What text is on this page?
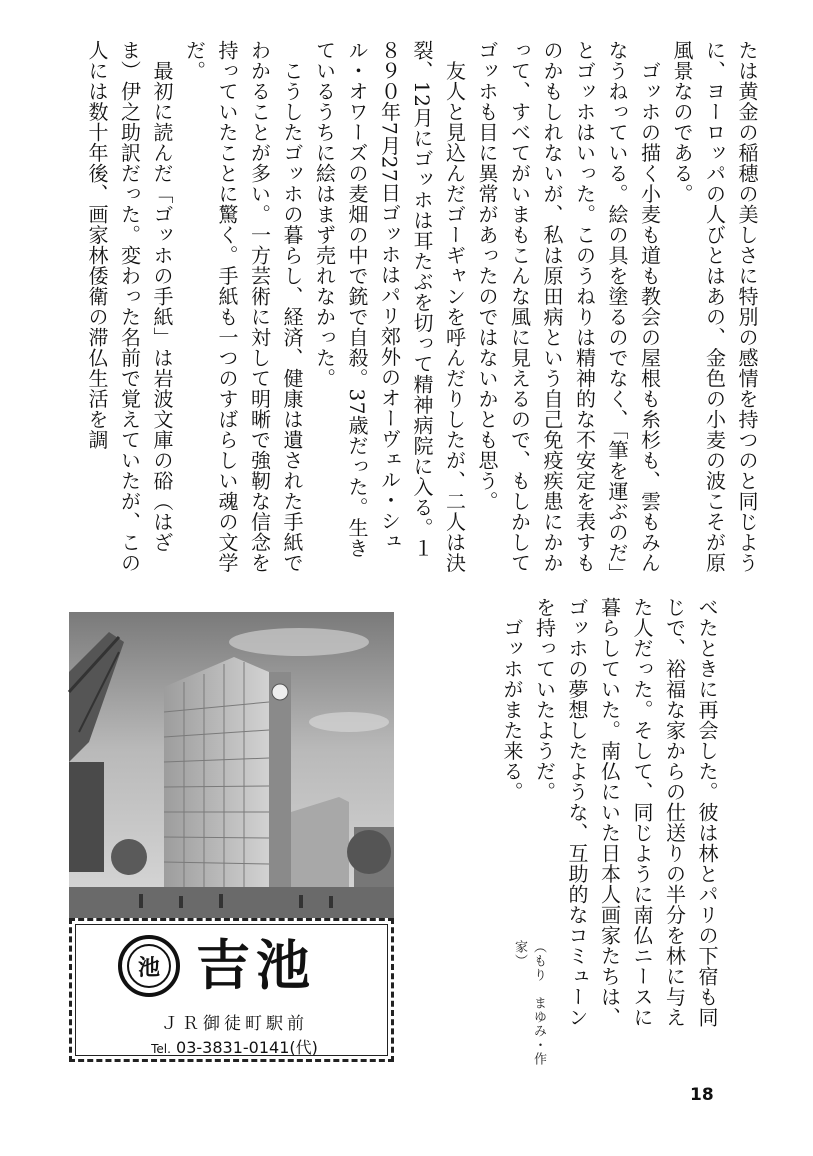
たは黄金の稲穂の美しさに特別の感情を持つのと同じように、ヨーロッパの人びとはあの、金色の小麦の波こそが原風景なのである。
　ゴッホの描く小麦も道も教会の屋根も糸杉も、雲もみんなうねっている。絵の具を塗るのでなく、「筆を運ぶのだ」とゴッホはいった。このうねりは精神的な不安定を表すものかもしれないが、私は原田病という自己免疫疾患にかかって、すべてがいまもこんな風に見えるので、もしかしてゴッホも目に異常があったのではないかとも思う。
　友人と見込んだゴーギャンを呼んだりしたが、二人は決裂、12月にゴッホは耳たぶを切って精神病院に入る。１８９０年7月27日ゴッホはパリ郊外のオーヴェル・シュル・オワーズの麦畑の中で銃で自殺。37歳だった。生きているうちに絵はまず売れなかった。
　こうしたゴッホの暮らし、経済、健康は遺された手紙でわかることが多い。一方芸術に対して明晰で強靭な信念を持っていたことに驚く。手紙も一つのすばらしい魂の文学だ。
　最初に読んだ「ゴッホの手紙」は岩波文庫の硲（はざま）伊之助訳だった。変わった名前で覚えていたが、この人には数十年後、画家林倭衛の滞仏生活を調
池 吉池
ＪＲ御徒町駅前
Tel. 03-3831-0141(代)
べたときに再会した。彼は林とパリの下宿も同じで、裕福な家からの仕送りの半分を林に与えた人だった。そして、同じように南仏ニースに暮らしていた。南仏にいた日本人画家たちは、ゴッホの夢想したような、互助的なコミューンを持っていたようだ。
　ゴッホがまた来る。
（もり　まゆみ・作家）
18
